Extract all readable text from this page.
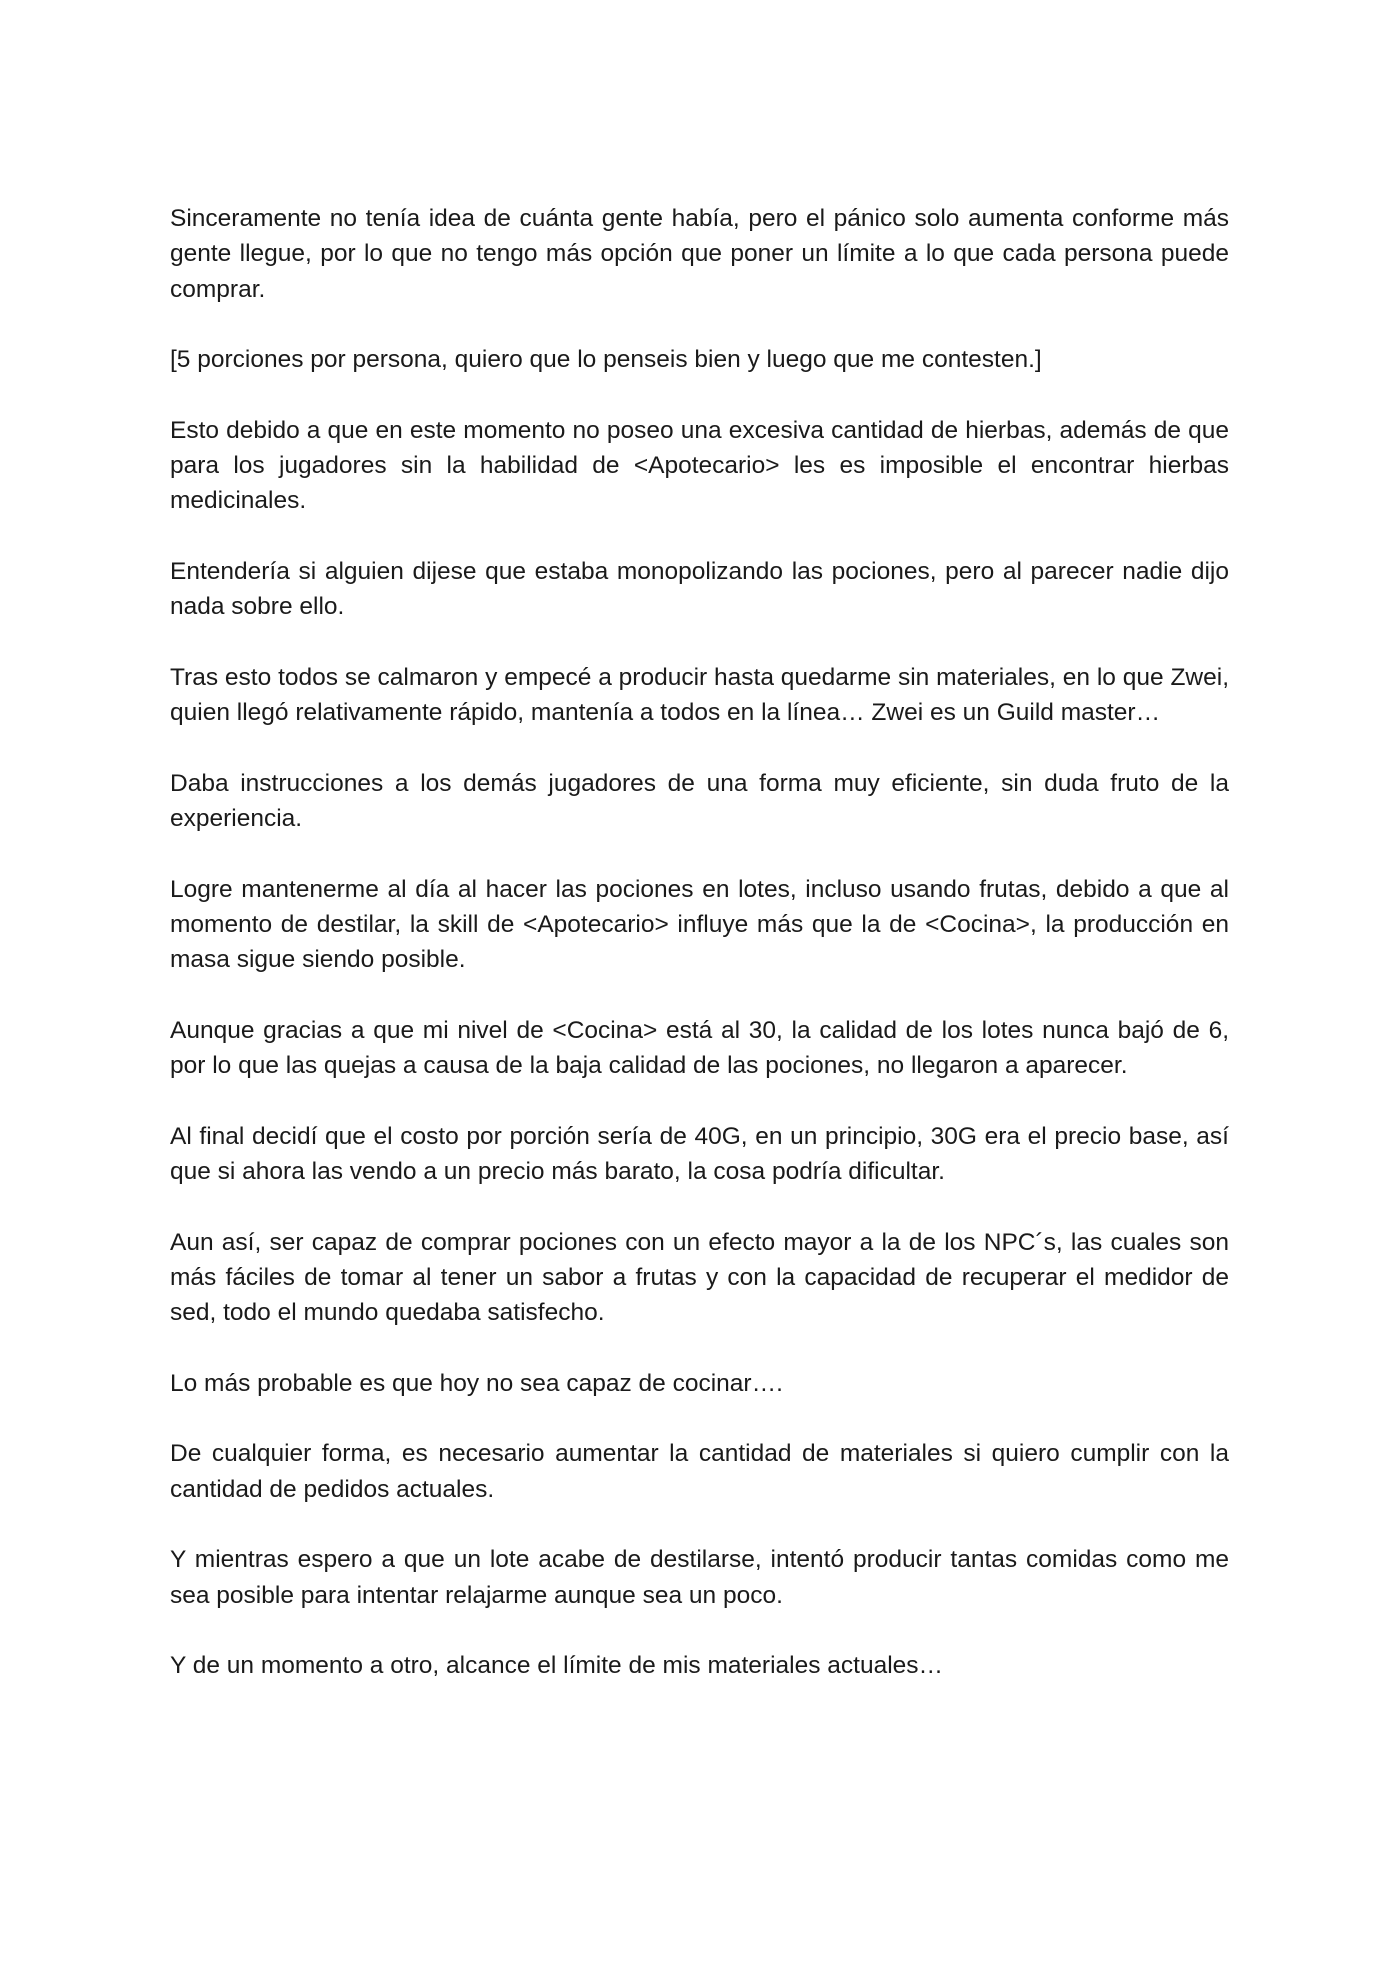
Sinceramente no tenía idea de cuánta gente había, pero el pánico solo aumenta conforme más gente llegue, por lo que no tengo más opción que poner un límite a lo que cada persona puede comprar.

[5 porciones por persona, quiero que lo penseis bien y luego que me contesten.]

Esto debido a que en este momento no poseo una excesiva cantidad de hierbas, además de que para los jugadores sin la habilidad de <Apotecario> les es imposible el encontrar hierbas medicinales.

Entendería si alguien dijese que estaba monopolizando las pociones, pero al parecer nadie dijo nada sobre ello.

Tras esto todos se calmaron y empecé a producir hasta quedarme sin materiales, en lo que Zwei, quien llegó relativamente rápido, mantenía a todos en la línea… Zwei es un Guild master…

Daba instrucciones a los demás jugadores de una forma muy eficiente, sin duda fruto de la experiencia.

Logre mantenerme al día al hacer las pociones en lotes, incluso usando frutas, debido a que al momento de destilar, la skill de <Apotecario> influye más que la de <Cocina>, la producción en masa sigue siendo posible.

Aunque gracias a que mi nivel de <Cocina> está al 30, la calidad de los lotes nunca bajó de 6, por lo que las quejas a causa de la baja calidad de las pociones, no llegaron a aparecer.

Al final decidí que el costo por porción sería de 40G, en un principio, 30G era el precio base, así que si ahora las vendo a un precio más barato, la cosa podría dificultar.

Aun así, ser capaz de comprar pociones con un efecto mayor a la de los NPC´s, las cuales son más fáciles de tomar al tener un sabor a frutas y con la capacidad de recuperar el medidor de sed, todo el mundo quedaba satisfecho.

Lo más probable es que hoy no sea capaz de cocinar….

De cualquier forma, es necesario aumentar la cantidad de materiales si quiero cumplir con la cantidad de pedidos actuales.

Y mientras espero a que un lote acabe de destilarse, intentó producir tantas comidas como me sea posible para intentar relajarme aunque sea un poco.

Y de un momento a otro, alcance el límite de mis materiales actuales…
